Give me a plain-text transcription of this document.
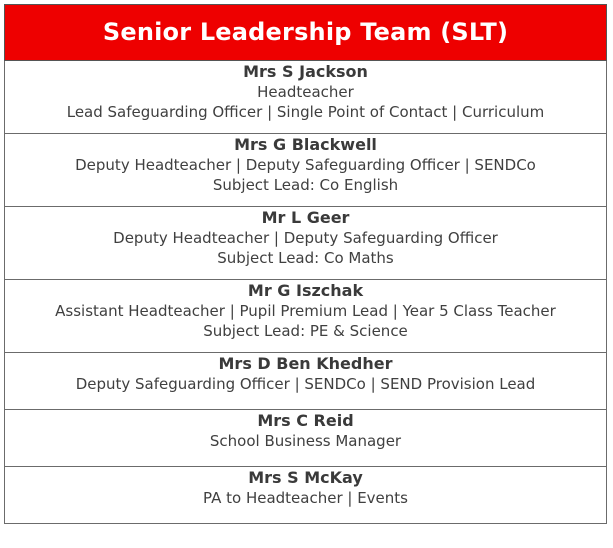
Senior Leadership Team (SLT)

Mrs S Jackson
Headteacher
Lead Safeguarding Officer | Single Point of Contact | Curriculum

Mrs G Blackwell
Deputy Headteacher | Deputy Safeguarding Officer | SENDCo
Subject Lead: Co English

Mr L Geer
Deputy Headteacher | Deputy Safeguarding Officer
Subject Lead: Co Maths

Mr G Iszchak
Assistant Headteacher | Pupil Premium Lead | Year 5 Class Teacher
Subject Lead: PE & Science

Mrs D Ben Khedher
Deputy Safeguarding Officer | SENDCo | SEND Provision Lead

Mrs C Reid
School Business Manager

Mrs S McKay
PA to Headteacher | Events
